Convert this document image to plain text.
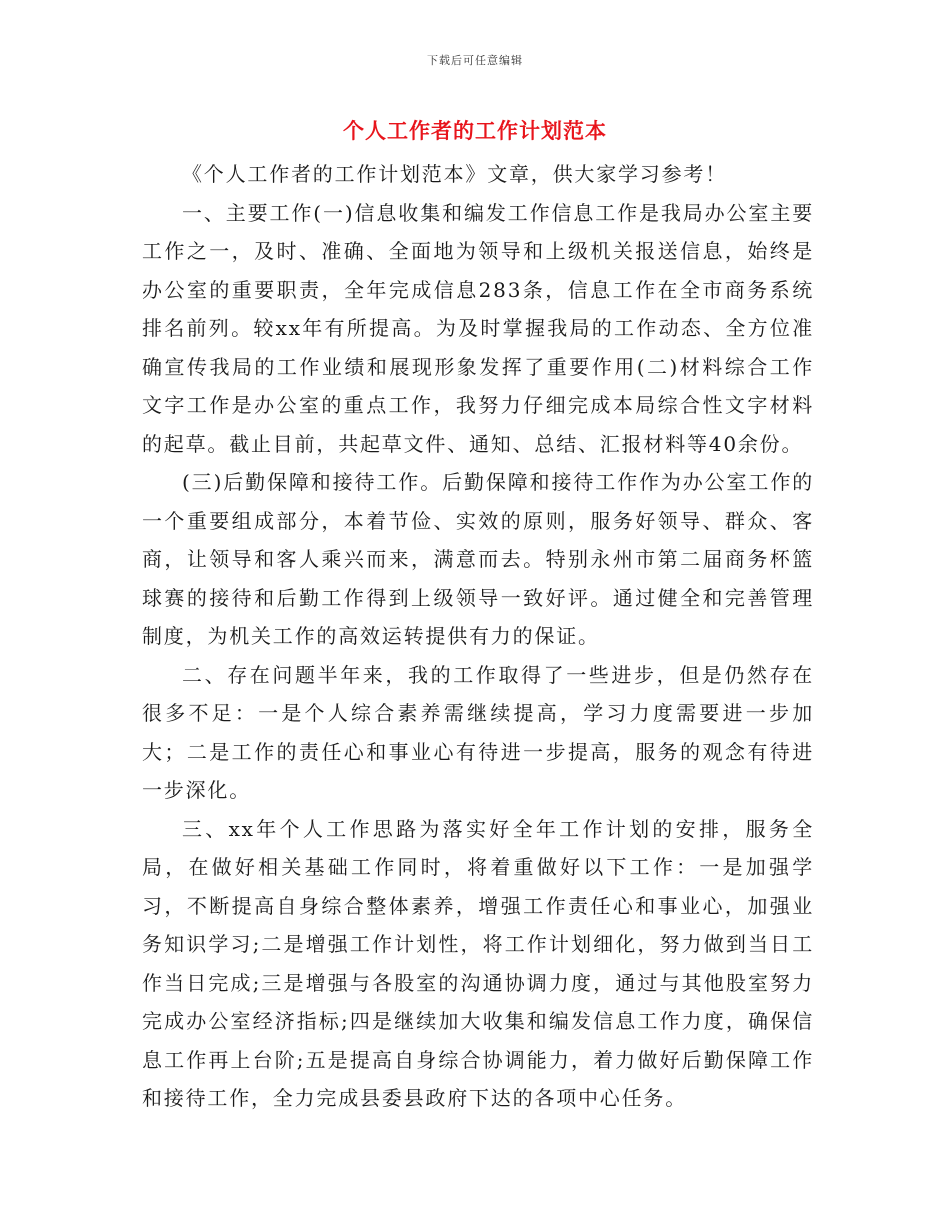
下载后可任意编辑
个人工作者的工作计划范本

《个人工作者的工作计划范本》文章，供大家学习参考！

一、主要工作(一)信息收集和编发工作信息工作是我局办公室主要工作之一，及时、准确、全面地为领导和上级机关报送信息，始终是办公室的重要职责，全年完成信息283条，信息工作在全市商务系统排名前列。较xx年有所提高。为及时掌握我局的工作动态、全方位准确宣传我局的工作业绩和展现形象发挥了重要作用(二)材料综合工作文字工作是办公室的重点工作，我努力仔细完成本局综合性文字材料的起草。截止目前，共起草文件、通知、总结、汇报材料等40余份。

(三)后勤保障和接待工作。后勤保障和接待工作作为办公室工作的一个重要组成部分，本着节俭、实效的原则，服务好领导、群众、客商，让领导和客人乘兴而来，满意而去。特别永州市第二届商务杯篮球赛的接待和后勤工作得到上级领导一致好评。通过健全和完善管理制度，为机关工作的高效运转提供有力的保证。

二、存在问题半年来，我的工作取得了一些进步，但是仍然存在很多不足：一是个人综合素养需继续提高，学习力度需要进一步加大；二是工作的责任心和事业心有待进一步提高，服务的观念有待进一步深化。

三、xx年个人工作思路为落实好全年工作计划的安排，服务全局，在做好相关基础工作同时，将着重做好以下工作：一是加强学习，不断提高自身综合整体素养，增强工作责任心和事业心，加强业务知识学习;二是增强工作计划性，将工作计划细化，努力做到当日工作当日完成;三是增强与各股室的沟通协调力度，通过与其他股室努力完成办公室经济指标;四是继续加大收集和编发信息工作力度，确保信息工作再上台阶;五是提高自身综合协调能力，着力做好后勤保障工作和接待工作，全力完成县委县政府下达的各项中心任务。
